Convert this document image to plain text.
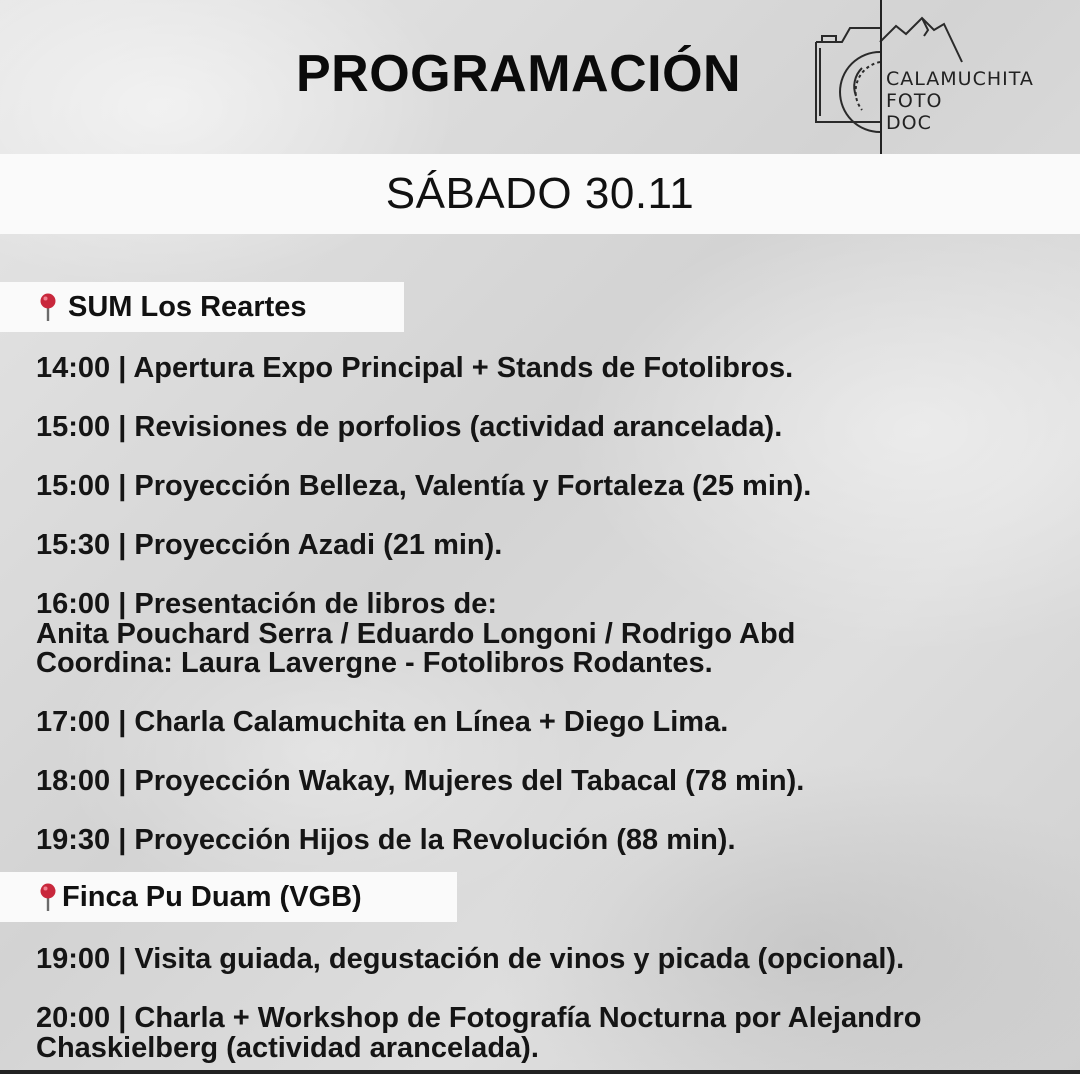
PROGRAMACIÓN	CALAMUCHITA
FOTO
DOC
SÁBADO 30.11
SUM Los Reartes
14:00 | Apertura Expo Principal + Stands de Fotolibros.
15:00 | Revisiones de porfolios (actividad arancelada).
15:00 | Proyección Belleza, Valentía y Fortaleza (25 min).
15:30 | Proyección Azadi (21 min).
16:00 | Presentación de libros de:
Anita Pouchard Serra / Eduardo Longoni / Rodrigo Abd
Coordina: Laura Lavergne - Fotolibros Rodantes.
17:00 | Charla Calamuchita en Línea + Diego Lima.
18:00 | Proyección Wakay, Mujeres del Tabacal (78 min).
19:30 | Proyección Hijos de la Revolución (88 min).
Finca Pu Duam (VGB)
19:00 | Visita guiada, degustación de vinos y picada (opcional).
20:00 | Charla + Workshop de Fotografía Nocturna por Alejandro
Chaskielberg (actividad arancelada).
